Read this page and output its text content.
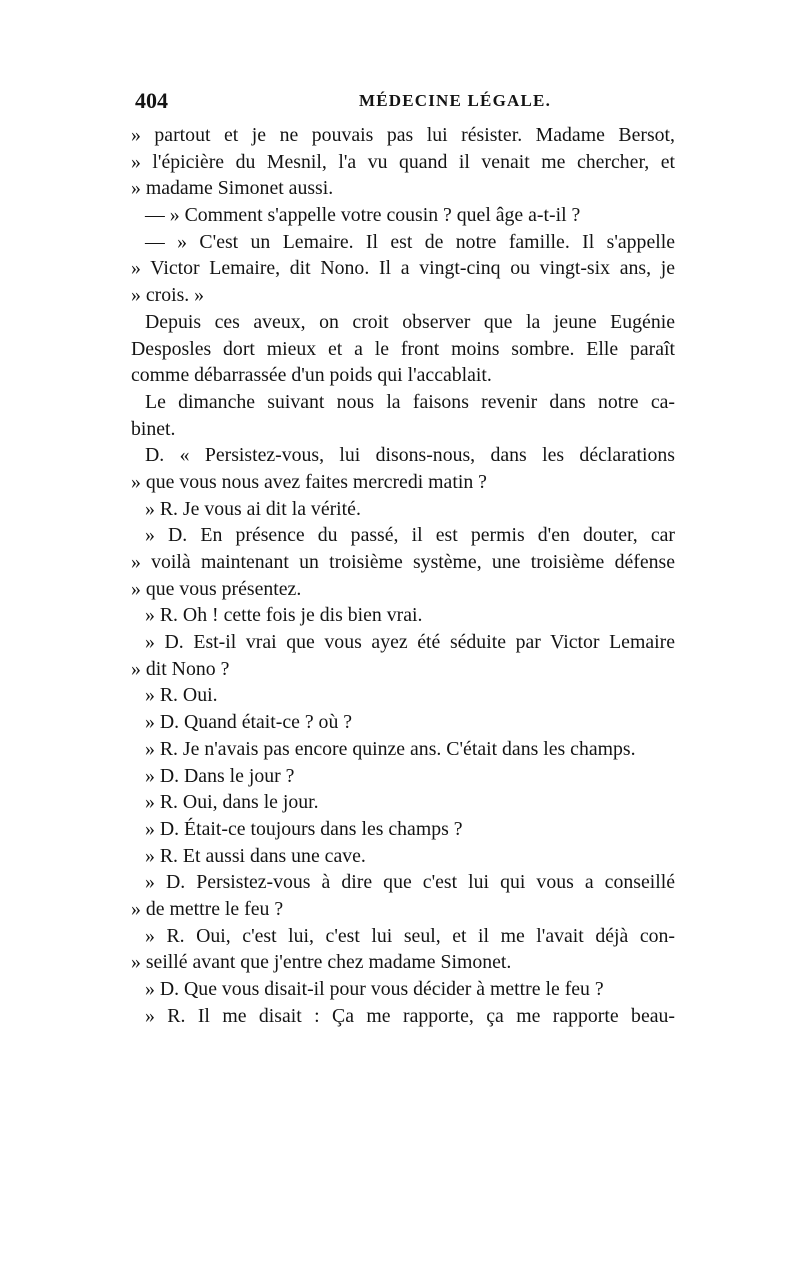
404	MÉDECINE LÉGALE.
» partout et je ne pouvais pas lui résister. Madame Bersot,
» l'épicière du Mesnil, l'a vu quand il venait me chercher, et
» madame Simonet aussi.
— » Comment s'appelle votre cousin ? quel âge a-t-il ?
— » C'est un Lemaire. Il est de notre famille. Il s'appelle
» Victor Lemaire, dit Nono. Il a vingt-cinq ou vingt-six ans, je
» crois. »
Depuis ces aveux, on croit observer que la jeune Eugénie
Desposles dort mieux et a le front moins sombre. Elle paraît
comme débarrassée d'un poids qui l'accablait.
Le dimanche suivant nous la faisons revenir dans notre ca-
binet.
D. « Persistez-vous, lui disons-nous, dans les déclarations
» que vous nous avez faites mercredi matin ?
» R. Je vous ai dit la vérité.
» D. En présence du passé, il est permis d'en douter, car
» voilà maintenant un troisième système, une troisième défense
» que vous présentez.
» R. Oh ! cette fois je dis bien vrai.
» D. Est-il vrai que vous ayez été séduite par Victor Lemaire
» dit Nono ?
» R. Oui.
» D. Quand était-ce ? où ?
» R. Je n'avais pas encore quinze ans. C'était dans les champs.
» D. Dans le jour ?
» R. Oui, dans le jour.
» D. Était-ce toujours dans les champs ?
» R. Et aussi dans une cave.
» D. Persistez-vous à dire que c'est lui qui vous a conseillé
» de mettre le feu ?
» R. Oui, c'est lui, c'est lui seul, et il me l'avait déjà con-
» seillé avant que j'entre chez madame Simonet.
» D. Que vous disait-il pour vous décider à mettre le feu ?
» R. Il me disait : Ça me rapporte, ça me rapporte beau-
